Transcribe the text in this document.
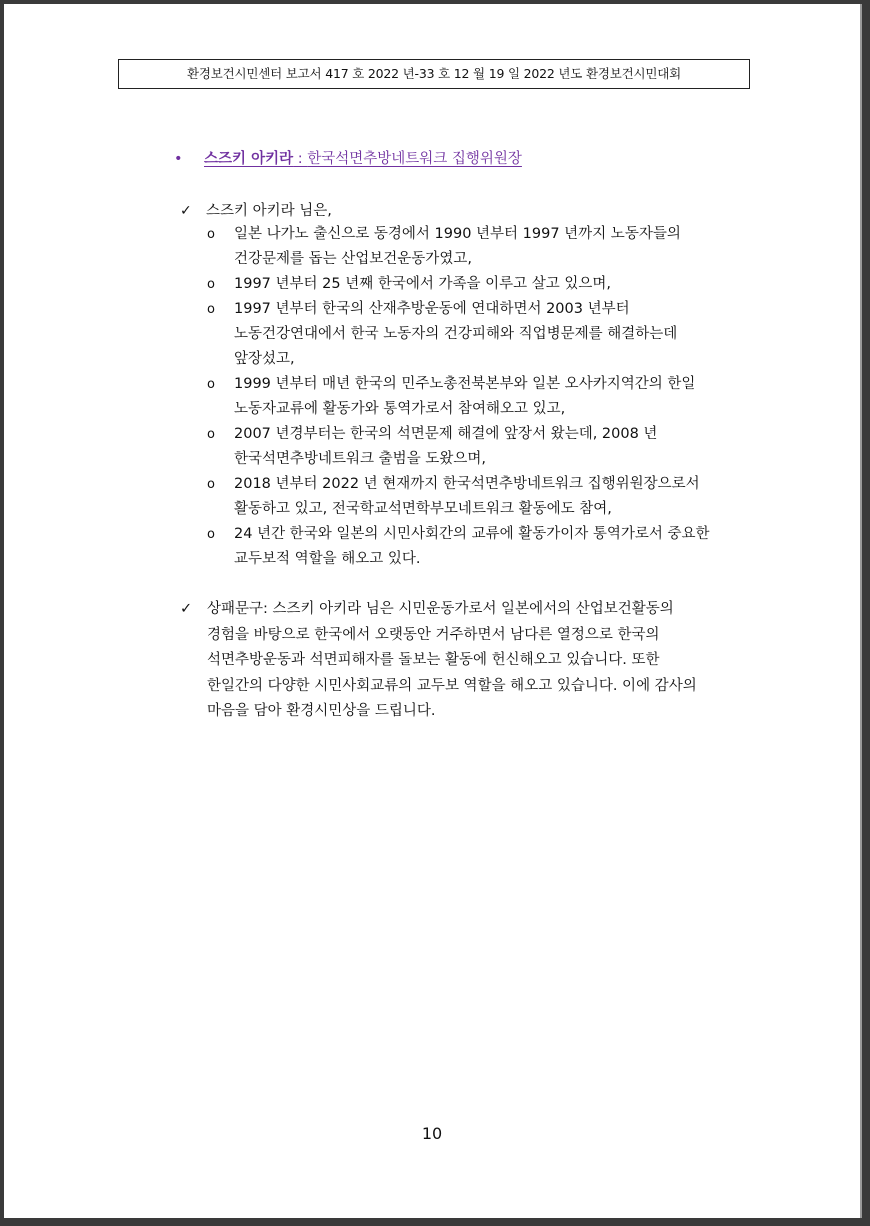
환경보건시민센터 보고서 417 호 2022 년-33 호 12 월 19 일 2022 년도 환경보건시민대회
• 스즈키 아키라 : 한국석면추방네트워크 집행위원장
✓ 스즈키 아키라 님은,
o 일본 나가노 출신으로 동경에서 1990 년부터 1997 년까지 노동자들의
건강문제를 돕는 산업보건운동가였고,
o 1997 년부터 25 년째 한국에서 가족을 이루고 살고 있으며,
o 1997 년부터 한국의 산재추방운동에 연대하면서 2003 년부터
노동건강연대에서 한국 노동자의 건강피해와 직업병문제를 해결하는데
앞장섰고,
o 1999 년부터 매년 한국의 민주노총전북본부와 일본 오사카지역간의 한일
노동자교류에 활동가와 통역가로서 참여해오고 있고,
o 2007 년경부터는 한국의 석면문제 해결에 앞장서 왔는데, 2008 년
한국석면추방네트워크 출범을 도왔으며,
o 2018 년부터 2022 년 현재까지 한국석면추방네트워크 집행위원장으로서
활동하고 있고, 전국학교석면학부모네트워크 활동에도 참여,
o 24 년간 한국와 일본의 시민사회간의 교류에 활동가이자 통역가로서 중요한
교두보적 역할을 해오고 있다.
✓	상패문구: 스즈키 아키라 님은 시민운동가로서 일본에서의 산업보건활동의
경험을 바탕으로 한국에서 오랫동안 거주하면서 남다른 열정으로 한국의
석면추방운동과 석면피해자를 돌보는 활동에 헌신해오고 있습니다. 또한
한일간의 다양한 시민사회교류의 교두보 역할을 해오고 있습니다. 이에 감사의
마음을 담아 환경시민상을 드립니다.
10
